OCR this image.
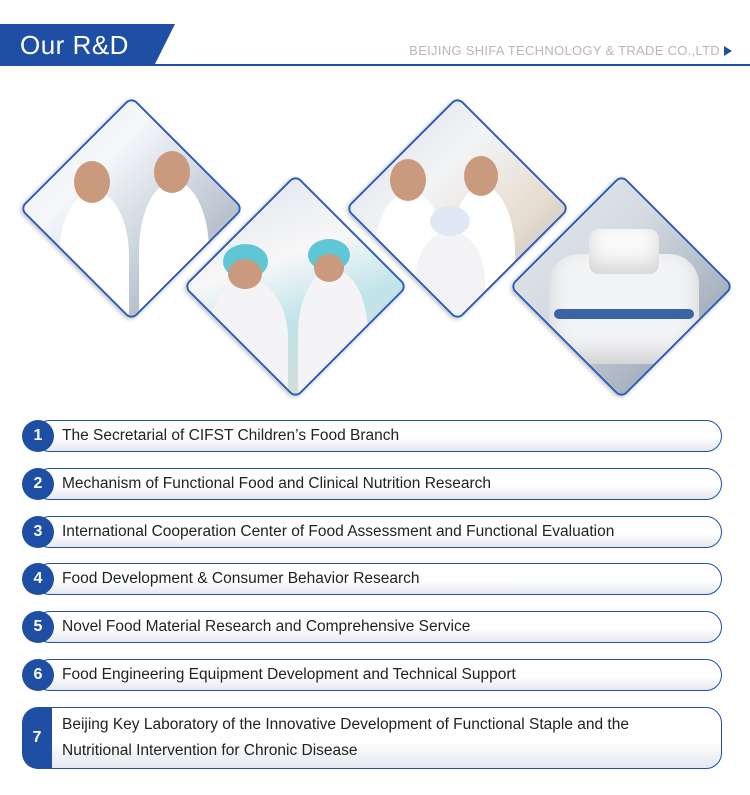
Our R&D	BEIJING SHIFA TECHNOLOGY & TRADE CO.,LTD
1	The Secretarial of CIFST Children’s Food Branch
2	Mechanism of Functional Food and Clinical Nutrition Research
3	International Cooperation Center of Food Assessment and Functional Evaluation
4	Food Development & Consumer Behavior Research
5	Novel Food Material Research and Comprehensive Service
6	Food Engineering Equipment Development and Technical Support
7
Beijing Key Laboratory of the Innovative Development of Functional Staple and the Nutritional Intervention for Chronic Disease
